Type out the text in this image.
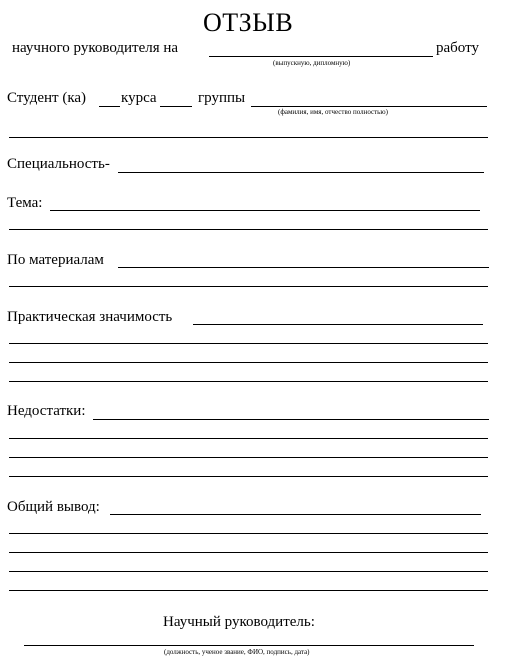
ОТЗЫВ
научного руководителя на	работу
(выпускную, дипломную)
Студент (ка) курса	группы
(фамилия, имя, отчество полностью)
Специальность-
Тема:
По материалам
Практическая значимость
Недостатки:
Общий вывод:
Научный руководитель:
(должность, ученое звание, ФИО, подпись, дата)
